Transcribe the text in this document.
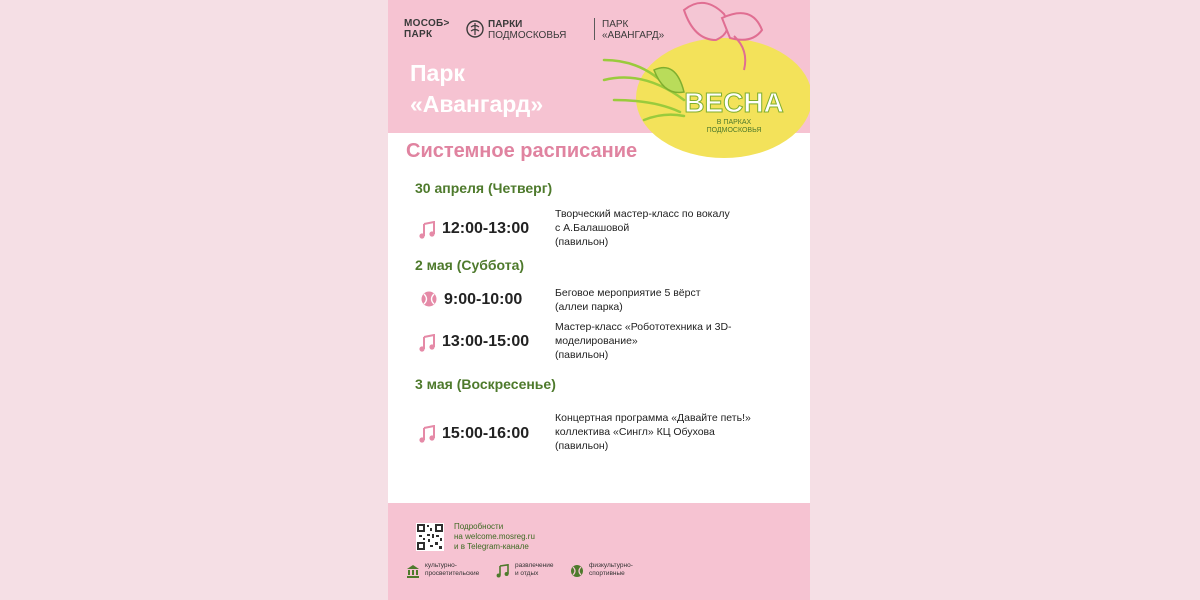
МОСОБ>
ПАРК
ПАРКИ
ПОДМОСКОВЬЯ
ПАРК
«АВАНГАРД»
Парк
«Авангард»	ВЕСНА
В ПАРКАХ
ПОДМОСКОВЬЯ
Системное расписание
30 апреля (Четверг)
12:00-13:00
Творческий мастер-класс по вокалу
с А.Балашовой
(павильон)
2 мая (Суббота)
9:00-10:00	Беговое мероприятие 5 вёрст
(аллеи парка)
13:00-15:00
Мастер-класс «Робототехника и 3D-
моделирование»
(павильон)
3 мая (Воскресенье)
15:00-16:00
Концертная программа «Давайте петь!»
коллектива «Сингл» КЦ Обухова
(павильон)
Подробности
на welcome.mosreg.ru
и в Telegram-канале
культурно-
просветительские
развлечение
и отдых
физкультурно-
спортивные
